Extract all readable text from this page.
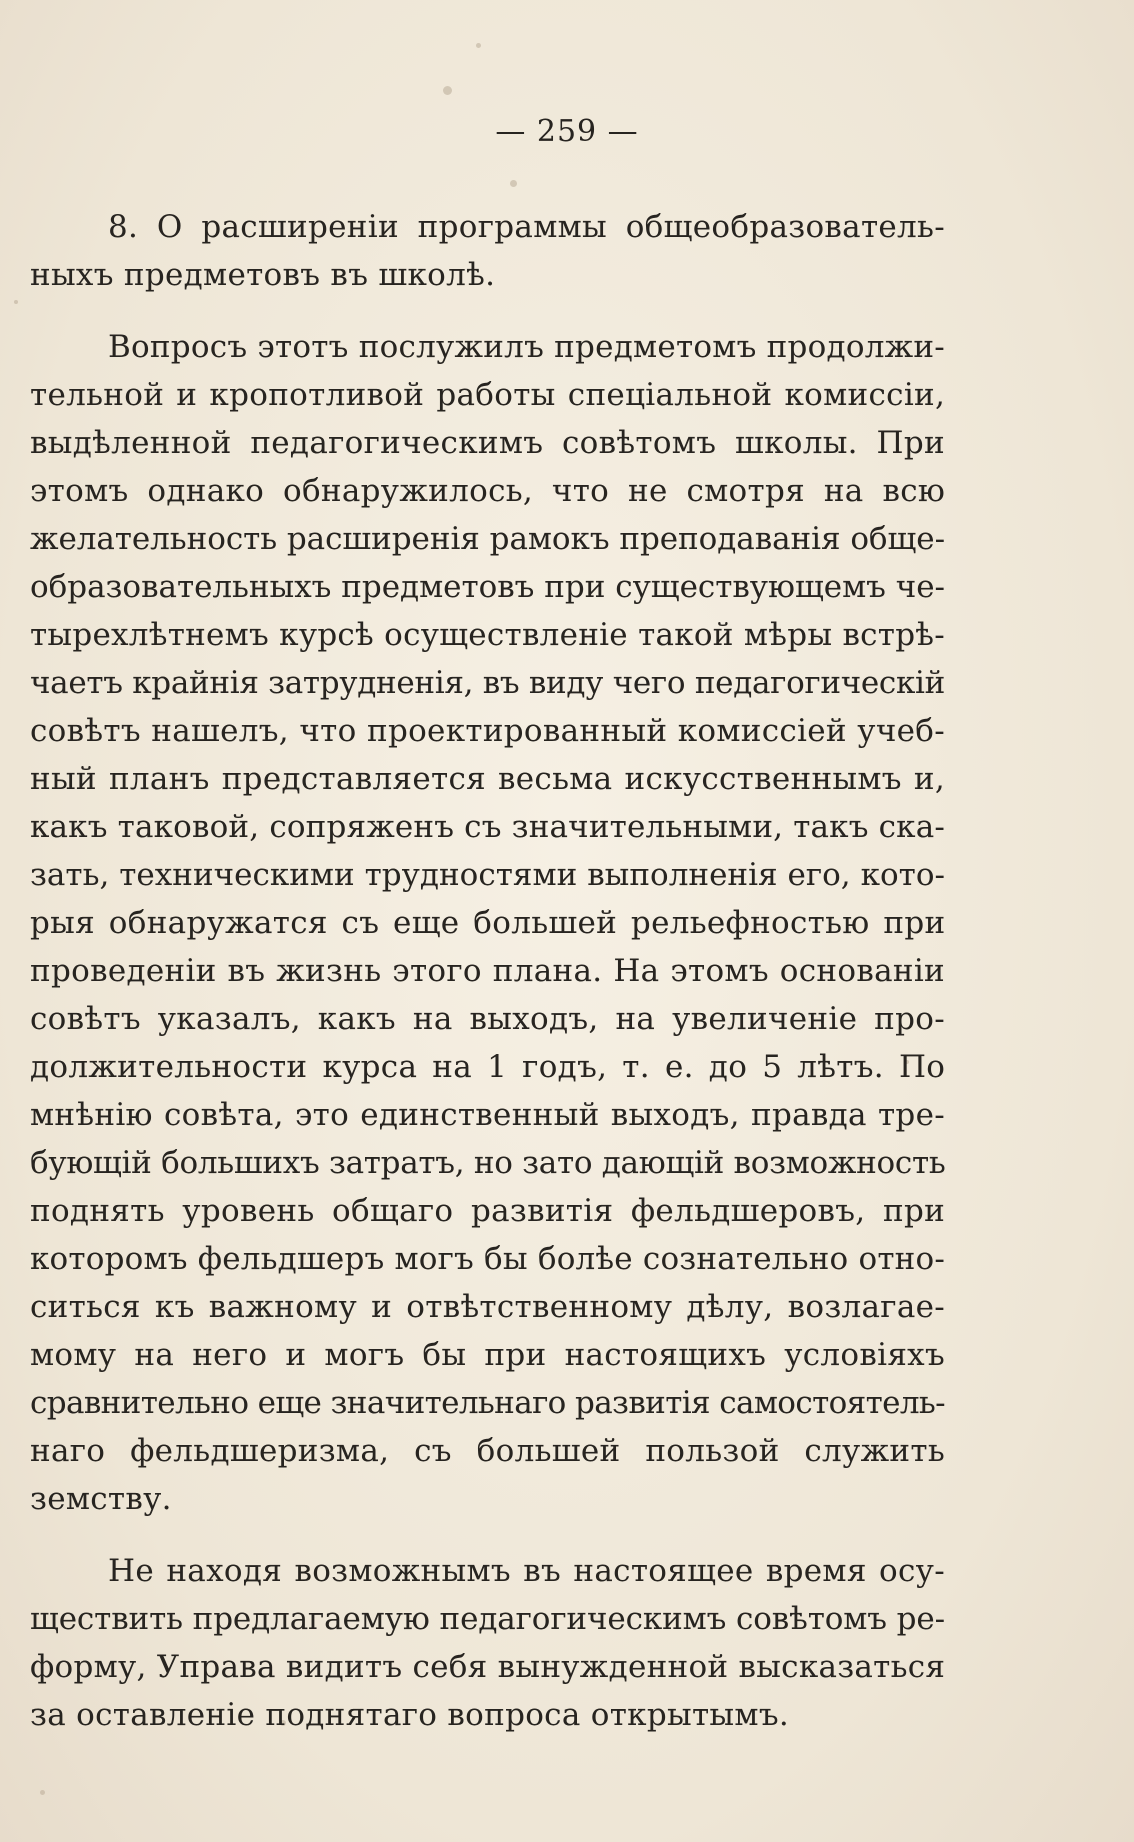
— 259 —
8. О расширеніи программы общеобразователь-
ныхъ предметовъ въ школѣ.
Вопросъ этотъ послужилъ предметомъ продолжи-
тельной и кропотливой работы спеціальной комиссіи,
выдѣленной педагогическимъ совѣтомъ школы. При
этомъ однако обнаружилось, что не смотря на всю
желательность расширенія рамокъ преподаванія обще-
образовательныхъ предметовъ при существующемъ че-
тырехлѣтнемъ курсѣ осуществленіе такой мѣры встрѣ-
чаетъ крайнія затрудненія, въ виду чего педагогическій
совѣтъ нашелъ, что проектированный комиссіей учеб-
ный планъ представляется весьма искусственнымъ и,
какъ таковой, сопряженъ съ значительными, такъ ска-
зать, техническими трудностями выполненія его, кото-
рыя обнаружатся съ еще большей рельефностью при
проведеніи въ жизнь этого плана. На этомъ основаніи
совѣтъ указалъ, какъ на выходъ, на увеличеніе про-
должительности курса на 1 годъ, т. е. до 5 лѣтъ. По
мнѣнію совѣта, это единственный выходъ, правда тре-
бующій большихъ затратъ, но зато дающій возможность
поднять уровень общаго развитія фельдшеровъ, при
которомъ фельдшеръ могъ бы болѣе сознательно отно-
ситься къ важному и отвѣтственному дѣлу, возлагае-
мому на него и могъ бы при настоящихъ условіяхъ
сравнительно еще значительнаго развитія самостоятель-
наго фельдшеризма, съ большей пользой служить
земству.
Не находя возможнымъ въ настоящее время осу-
ществить предлагаемую педагогическимъ совѣтомъ ре-
форму, Управа видитъ себя вынужденной высказаться
за оставленіе поднятаго вопроса открытымъ.
